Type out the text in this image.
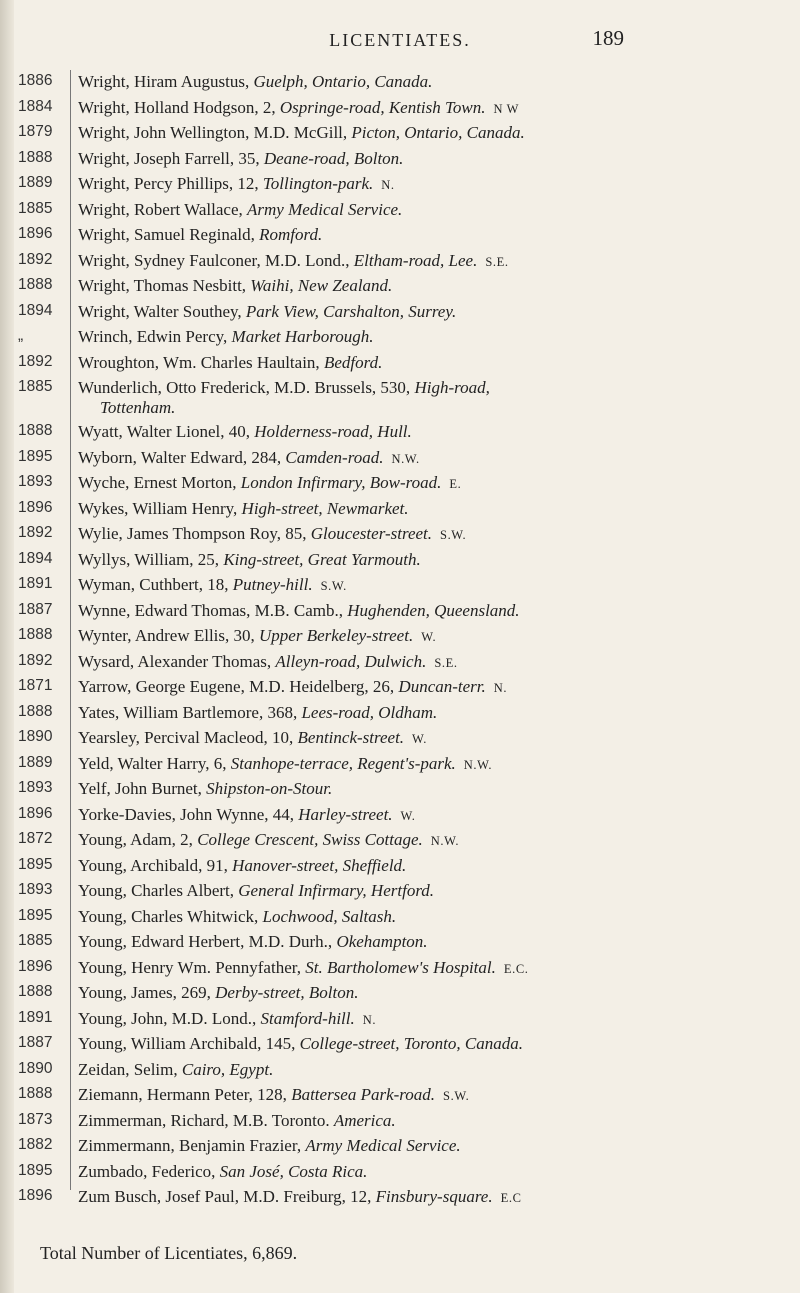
LICENTIATES.	189
1886	Wright, Hiram Augustus, Guelph, Ontario, Canada.
1884	Wright, Holland Hodgson, 2, Ospringe-road, Kentish Town. N W
1879	Wright, John Wellington, M.D. McGill, Picton, Ontario, Canada.
1888	Wright, Joseph Farrell, 35, Deane-road, Bolton.
1889	Wright, Percy Phillips, 12, Tollington-park. N.
1885	Wright, Robert Wallace, Army Medical Service.
1896	Wright, Samuel Reginald, Romford.
1892	Wright, Sydney Faulconer, M.D. Lond., Eltham-road, Lee. S.E.
1888	Wright, Thomas Nesbitt, Waihi, New Zealand.
1894	Wright, Walter Southey, Park View, Carshalton, Surrey.
„	Wrinch, Edwin Percy, Market Harborough.
1892	Wroughton, Wm. Charles Haultain, Bedford.
1885	Wunderlich, Otto Frederick, M.D. Brussels, 530, High-road,
Tottenham.
1888	Wyatt, Walter Lionel, 40, Holderness-road, Hull.
1895	Wyborn, Walter Edward, 284, Camden-road. N.W.
1893	Wyche, Ernest Morton, London Infirmary, Bow-road. E.
1896	Wykes, William Henry, High-street, Newmarket.
1892	Wylie, James Thompson Roy, 85, Gloucester-street. S.W.
1894	Wyllys, William, 25, King-street, Great Yarmouth.
1891	Wyman, Cuthbert, 18, Putney-hill. S.W.
1887	Wynne, Edward Thomas, M.B. Camb., Hughenden, Queensland.
1888	Wynter, Andrew Ellis, 30, Upper Berkeley-street. W.
1892	Wysard, Alexander Thomas, Alleyn-road, Dulwich. S.E.
1871	Yarrow, George Eugene, M.D. Heidelberg, 26, Duncan-terr. N.
1888	Yates, William Bartlemore, 368, Lees-road, Oldham.
1890	Yearsley, Percival Macleod, 10, Bentinck-street. W.
1889	Yeld, Walter Harry, 6, Stanhope-terrace, Regent's-park. N.W.
1893	Yelf, John Burnet, Shipston-on-Stour.
1896	Yorke-Davies, John Wynne, 44, Harley-street. W.
1872	Young, Adam, 2, College Crescent, Swiss Cottage. N.W.
1895	Young, Archibald, 91, Hanover-street, Sheffield.
1893	Young, Charles Albert, General Infirmary, Hertford.
1895	Young, Charles Whitwick, Lochwood, Saltash.
1885	Young, Edward Herbert, M.D. Durh., Okehampton.
1896	Young, Henry Wm. Pennyfather, St. Bartholomew's Hospital. E.C.
1888	Young, James, 269, Derby-street, Bolton.
1891	Young, John, M.D. Lond., Stamford-hill. N.
1887	Young, William Archibald, 145, College-street, Toronto, Canada.
1890	Zeidan, Selim, Cairo, Egypt.
1888	Ziemann, Hermann Peter, 128, Battersea Park-road. S.W.
1873	Zimmerman, Richard, M.B. Toronto. America.
1882	Zimmermann, Benjamin Frazier, Army Medical Service.
1895	Zumbado, Federico, San José, Costa Rica.
1896	Zum Busch, Josef Paul, M.D. Freiburg, 12, Finsbury-square. E.C
Total Number of Licentiates, 6,869.
